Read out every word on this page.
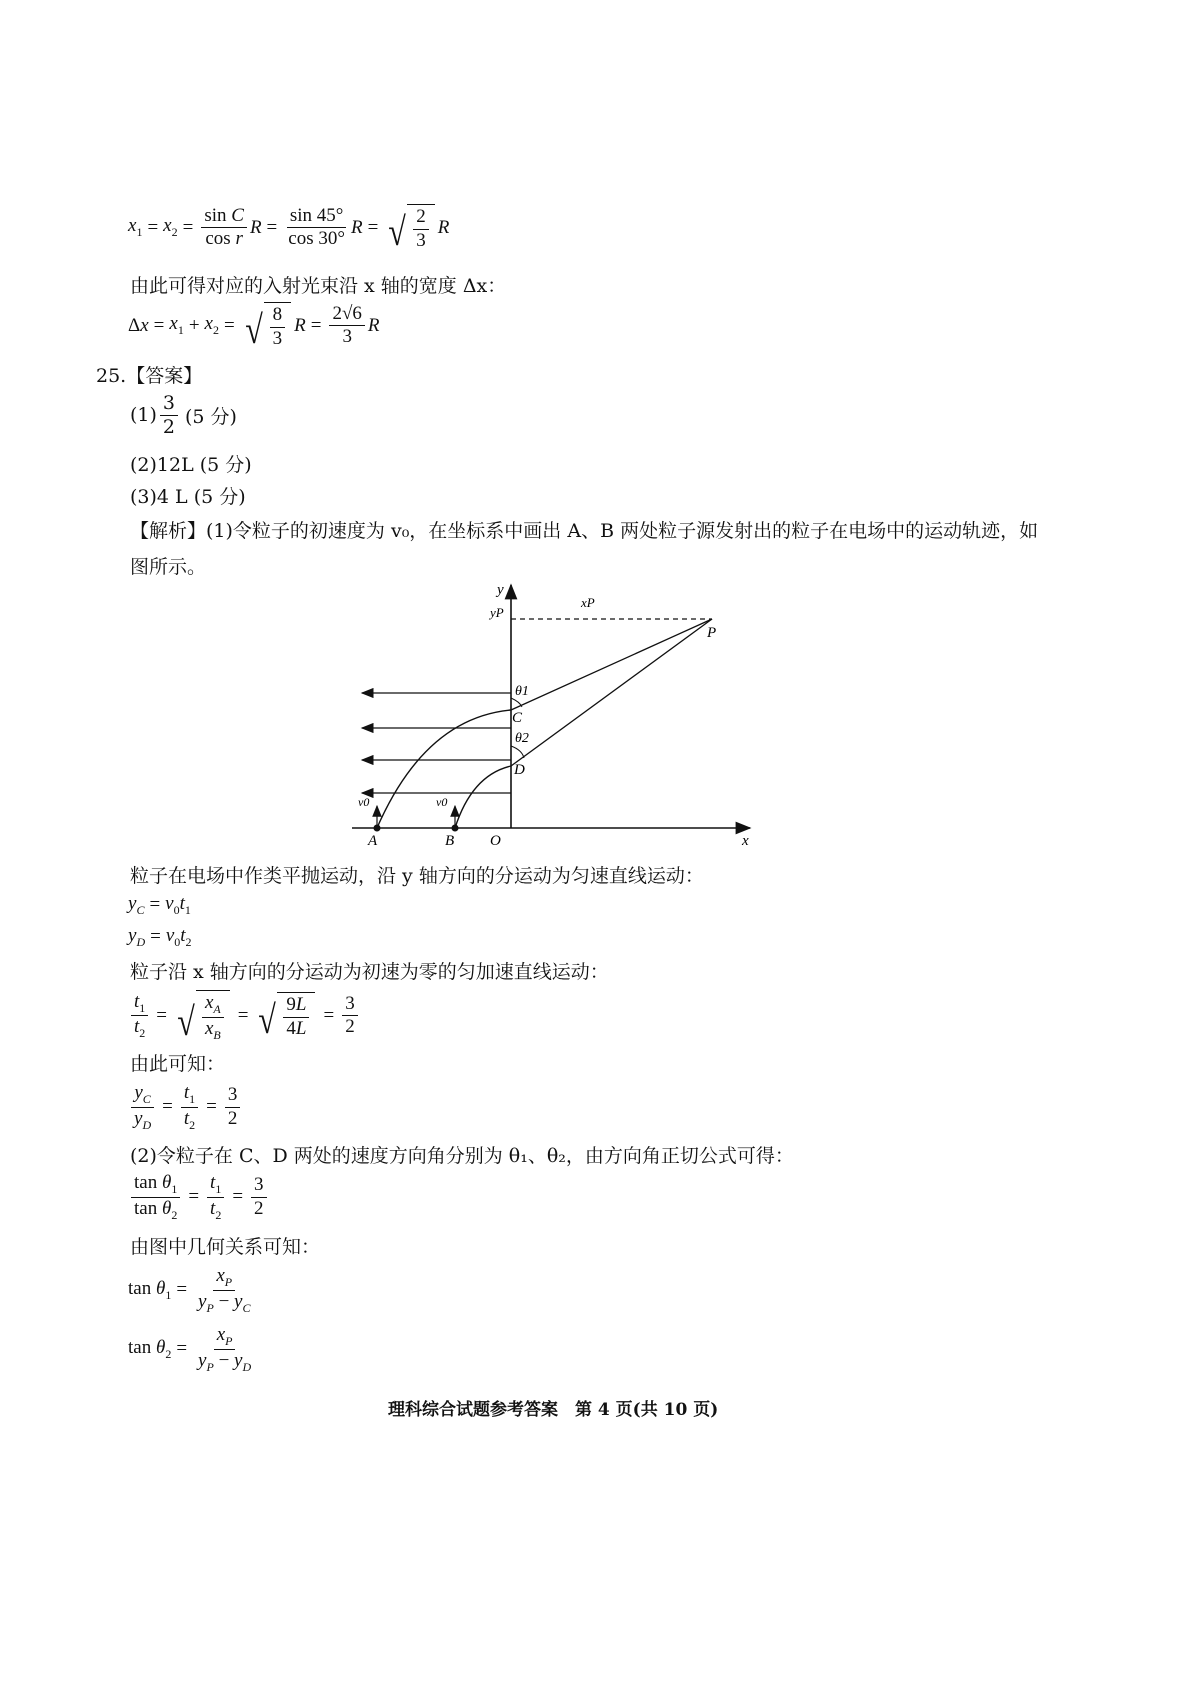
$x_1 = x_2 = \frac{\text{sin C}}{\text{cos r}}$ $R = \frac{\sin 45^\circ}{\cos 30^\circ}$ R = √ $\frac{2}{3}$ R
由此可得对应的入射光束沿 x 轴的宽度 Δx：
$\Delta x = x_1 + x_2$ = √ $\frac{8}{3}$ $R = \frac{2√6}{3}$ R
25.【答案】
$(1) \frac{3}{2} (5$ 分)
(2)12L (5 分)
(3)4 L (5 分)
【解析】(1)令粒子的初速度为 v₀，在坐标系中画出 A、B 两处粒子源发射出的粒子在电场中的运动轨迹，如
图所示。
y
yP
xP
P
θ1
C
θ2
D
v0	v0
A	B O	x
粒子在电场中作类平抛运动，沿 y 轴方向的分运动为匀速直线运动：
$y_C = v_0t_1$
$y_D = v_0t_2$
粒子沿 x 轴方向的分运动为初速为零的匀加速直线运动：
$\frac{t_1}{t_2}$ = √ $\frac{x_A}{x_B}$ = √ $\frac{9L}{4L} = \frac{3}{2}$
由此可知：
$\frac{y_C}{y_D} = \frac{t_1}{t_2} = \frac{3}{2}$
(2)令粒子在 C、D 两处的速度方向角分别为 θ₁、θ₂，由方向角正切公式可得：
$\frac{\tan \theta_1}{\tan \theta_2} = \frac{t_1}{t_2} = \frac{3}{2}$
由图中几何关系可知：
$\tan \theta_1 = \frac{x_P}{y_P - y_C}$
$\tan \theta_2 = \frac{x_P}{y_P - y_D}$
理科综合试题参考答案　第 4 页(共 10 页)
